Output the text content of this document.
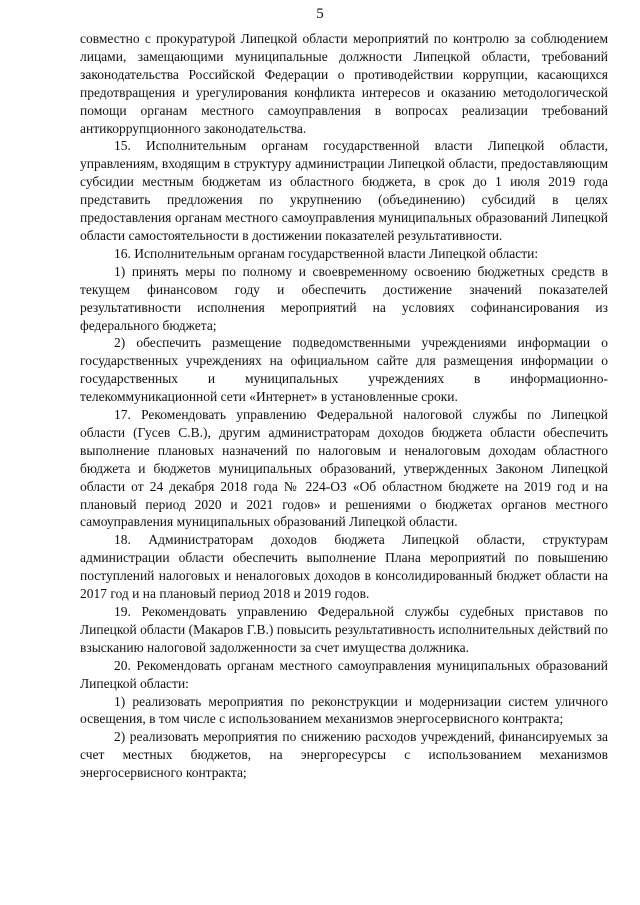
5

совместно с прокуратурой Липецкой области мероприятий по контролю за соблюдением лицами, замещающими муниципальные должности Липецкой области, требований законодательства Российской Федерации о противодействии коррупции, касающихся предотвращения и урегулирования конфликта интересов и оказанию методологической помощи органам местного самоуправления в вопросах реализации требований антикоррупционного законодательства.

15. Исполнительным органам государственной власти Липецкой области, управлениям, входящим в структуру администрации Липецкой области, предоставляющим субсидии местным бюджетам из областного бюджета, в срок до 1 июля 2019 года представить предложения по укрупнению (объединению) субсидий в целях предоставления органам местного самоуправления муниципальных образований Липецкой области самостоятельности в достижении показателей результативности.

16. Исполнительным органам государственной власти Липецкой области:

1) принять меры по полному и своевременному освоению бюджетных средств в текущем финансовом году и обеспечить достижение значений показателей результативности исполнения мероприятий на условиях софинансирования из федерального бюджета;

2) обеспечить размещение подведомственными учреждениями информации о государственных учреждениях на официальном сайте для размещения информации о государственных и муниципальных учреждениях в информационно-телекоммуникационной сети «Интернет» в установленные сроки.

17. Рекомендовать управлению Федеральной налоговой службы по Липецкой области (Гусев С.В.), другим администраторам доходов бюджета области обеспечить выполнение плановых назначений по налоговым и неналоговым доходам областного бюджета и бюджетов муниципальных образований, утвержденных Законом Липецкой области от 24 декабря 2018 года № 224-ОЗ «Об областном бюджете на 2019 год и на плановый период 2020 и 2021 годов» и решениями о бюджетах органов местного самоуправления муниципальных образований Липецкой области.

18. Администраторам доходов бюджета Липецкой области, структурам администрации области обеспечить выполнение Плана мероприятий по повышению поступлений налоговых и неналоговых доходов в консолидированный бюджет области на 2017 год и на плановый период 2018 и 2019 годов.

19. Рекомендовать управлению Федеральной службы судебных приставов по Липецкой области (Макаров Г.В.) повысить результативность исполнительных действий по взысканию налоговой задолженности за счет имущества должника.

20. Рекомендовать органам местного самоуправления муниципальных образований Липецкой области:

1) реализовать мероприятия по реконструкции и модернизации систем уличного освещения, в том числе с использованием механизмов энергосервисного контракта;

2) реализовать мероприятия по снижению расходов учреждений, финансируемых за счет местных бюджетов, на энергоресурсы с использованием механизмов энергосервисного контракта;
